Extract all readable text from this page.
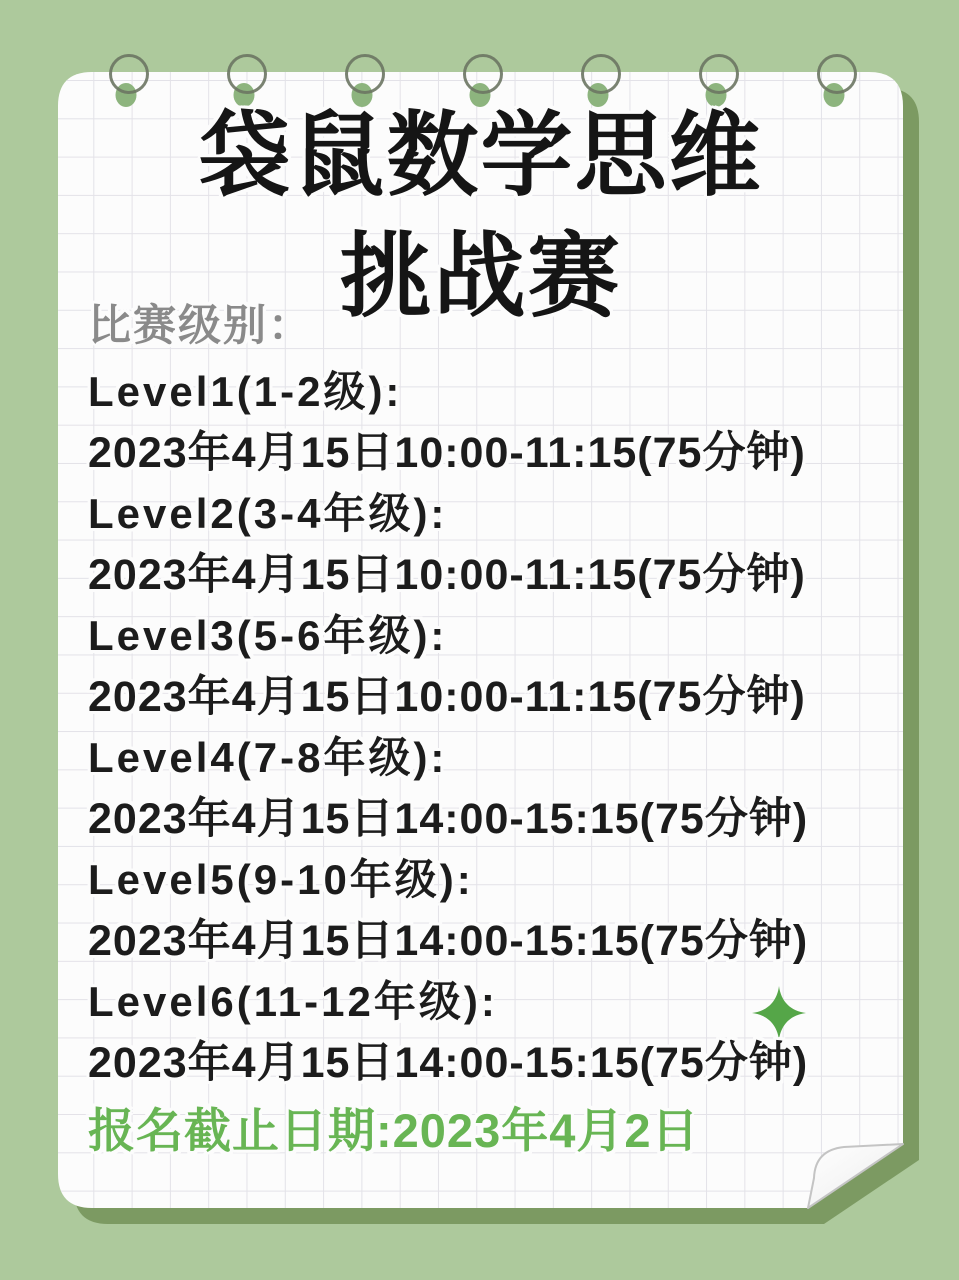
袋鼠数学思维
挑战赛
比赛级别：
Level1(1-2级):
2023年4月15日10:00-11:15(75分钟)
Level2(3-4年级):
2023年4月15日10:00-11:15(75分钟)
Level3(5-6年级):
2023年4月15日10:00-11:15(75分钟)
Level4(7-8年级):
2023年4月15日14:00-15:15(75分钟)
Level5(9-10年级):
2023年4月15日14:00-15:15(75分钟)
Level6(11-12年级):
2023年4月15日14:00-15:15(75分钟)
报名截止日期:2023年4月2日
